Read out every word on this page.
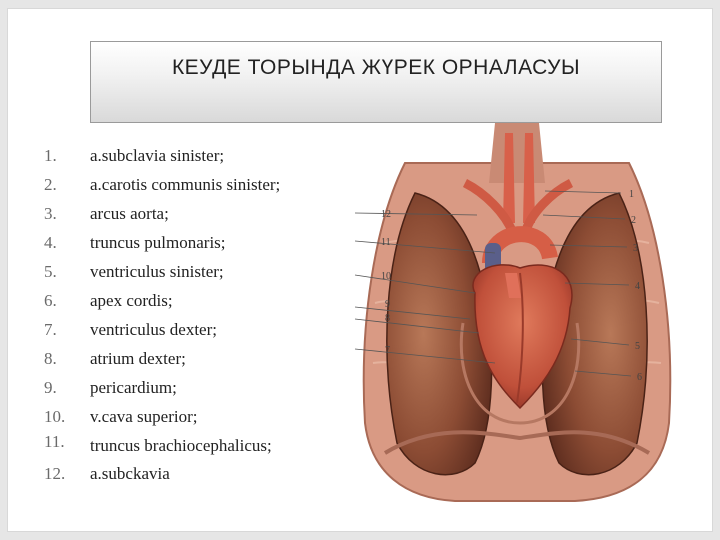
КЕУДЕ ТОРЫНДА ЖҮРЕК ОРНАЛАСУЫ
1.	a.subclavia sinister;
2.	a.carotis communis sinister;
3.	arcus aorta;
4.	truncus pulmonaris;
5.	ventriculus sinister;
6.	apex cordis;
7.	ventriculus dexter;
8.	atrium dexter;
9.	pericardium;
10.	v.cava superior;
11.	truncus brachiocephalicus;
12.	a.subckavia
1
2
3
4
5
6
12
11
10
9
8
7
